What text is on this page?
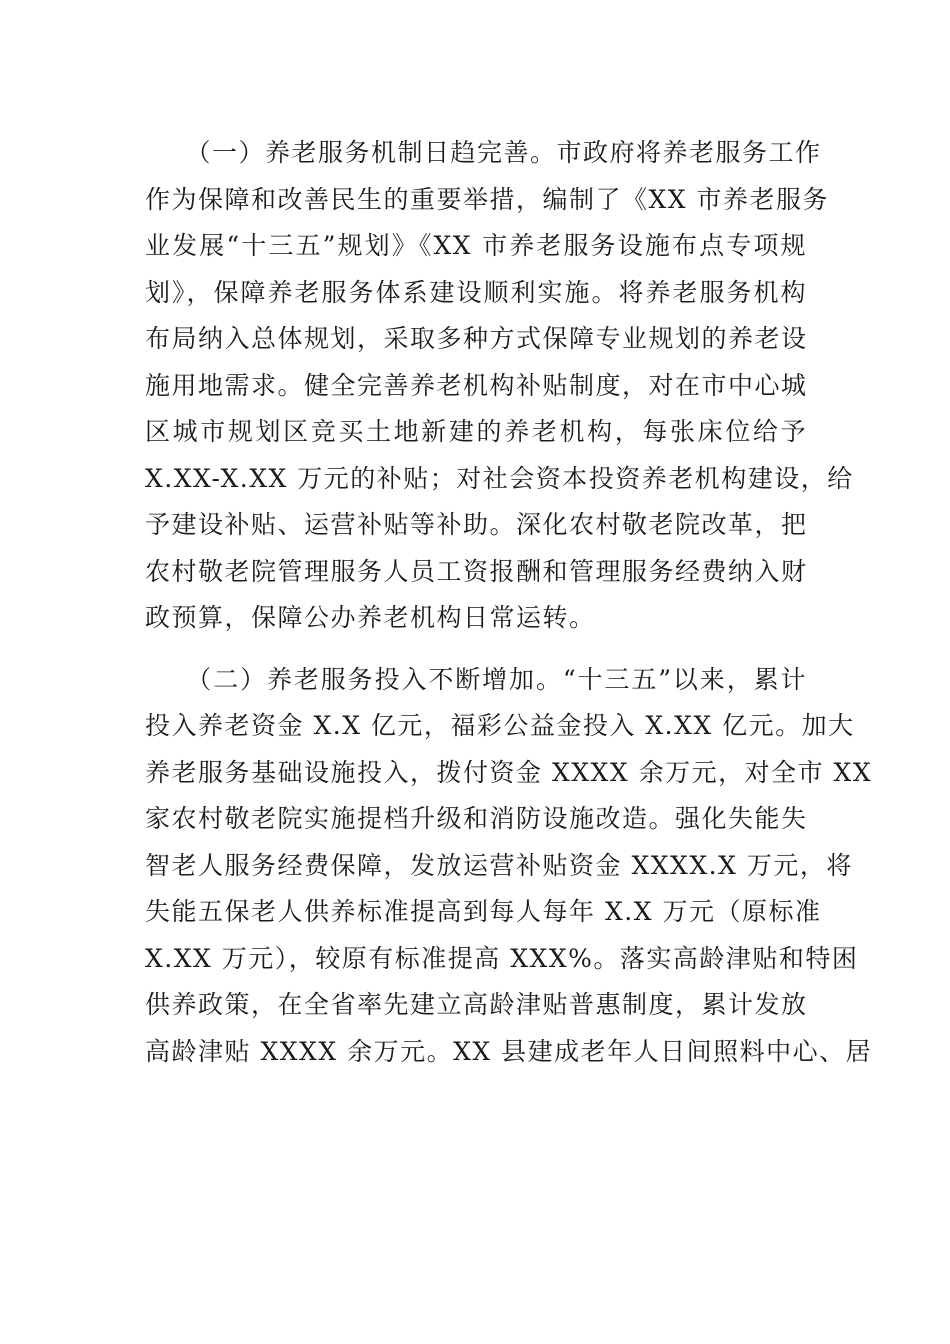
　　（一）养老服务机制日趋完善。市政府将养老服务工作
作为保障和改善民生的重要举措，编制了《XX 市养老服务
业发展“十三五”规划》《XX 市养老服务设施布点专项规
划》，保障养老服务体系建设顺利实施。将养老服务机构
布局纳入总体规划，采取多种方式保障专业规划的养老设
施用地需求。健全完善养老机构补贴制度，对在市中心城
区城市规划区竞买土地新建的养老机构，每张床位给予
X.XX-X.XX 万元的补贴；对社会资本投资养老机构建设，给
予建设补贴、运营补贴等补助。深化农村敬老院改革，把
农村敬老院管理服务人员工资报酬和管理服务经费纳入财
政预算，保障公办养老机构日常运转。
　　（二）养老服务投入不断增加。“十三五”以来，累计
投入养老资金 X.X 亿元，福彩公益金投入 X.XX 亿元。加大
养老服务基础设施投入，拨付资金 XXXX 余万元，对全市 XX
家农村敬老院实施提档升级和消防设施改造。强化失能失
智老人服务经费保障，发放运营补贴资金 XXXX.X 万元，将
失能五保老人供养标准提高到每人每年 X.X 万元（原标准
X.XX 万元），较原有标准提高 XXX%。落实高龄津贴和特困
供养政策，在全省率先建立高龄津贴普惠制度，累计发放
高龄津贴 XXXX 余万元。XX 县建成老年人日间照料中心、居
